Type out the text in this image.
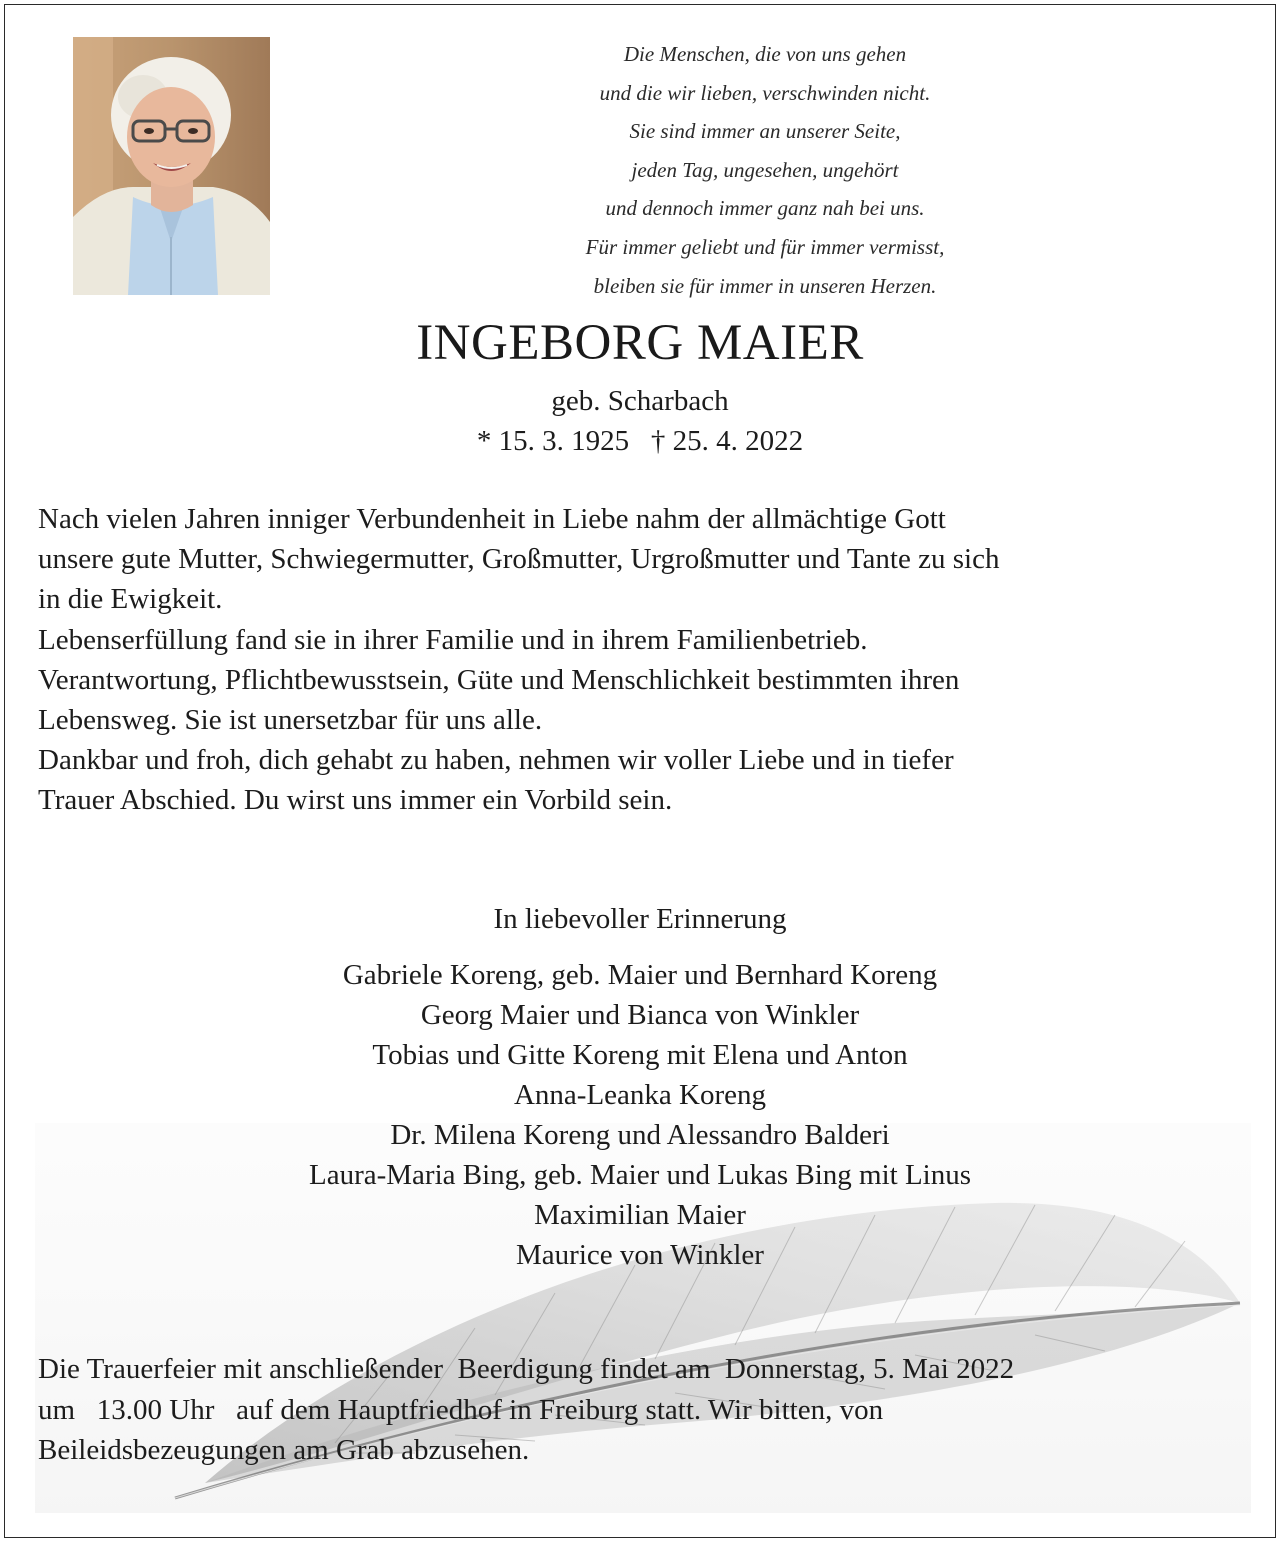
Die Menschen, die von uns gehen
und die wir lieben, verschwinden nicht.
Sie sind immer an unserer Seite,
jeden Tag, ungesehen, ungehört
und dennoch immer ganz nah bei uns.
Für immer geliebt und für immer vermisst,
bleiben sie für immer in unseren Herzen.
INGEBORG MAIER
geb. Scharbach
* 15. 3. 1925   † 25. 4. 2022
Nach vielen Jahren inniger Verbundenheit in Liebe nahm der allmächtige Gott
unsere gute Mutter, Schwiegermutter, Großmutter, Urgroßmutter und Tante zu sich
in die Ewigkeit.
Lebenserfüllung fand sie in ihrer Familie und in ihrem Familienbetrieb.
Verantwortung, Pflichtbewusstsein, Güte und Menschlichkeit bestimmten ihren
Lebensweg. Sie ist unersetzbar für uns alle.
Dankbar und froh, dich gehabt zu haben, nehmen wir voller Liebe und in tiefer
Trauer Abschied. Du wirst uns immer ein Vorbild sein.
In liebevoller Erinnerung
Gabriele Koreng, geb. Maier und Bernhard Koreng
Georg Maier und Bianca von Winkler
Tobias und Gitte Koreng mit Elena und Anton
Anna-Leanka Koreng
Dr. Milena Koreng und Alessandro Balderi
Laura-Maria Bing, geb. Maier und Lukas Bing mit Linus
Maximilian Maier
Maurice von Winkler
Die Trauerfeier mit anschließender  Beerdigung findet am  Donnerstag, 5. Mai 2022
um   13.00 Uhr   auf dem Hauptfriedhof in Freiburg statt. Wir bitten, von
Beileidsbezeugungen am Grab abzusehen.
